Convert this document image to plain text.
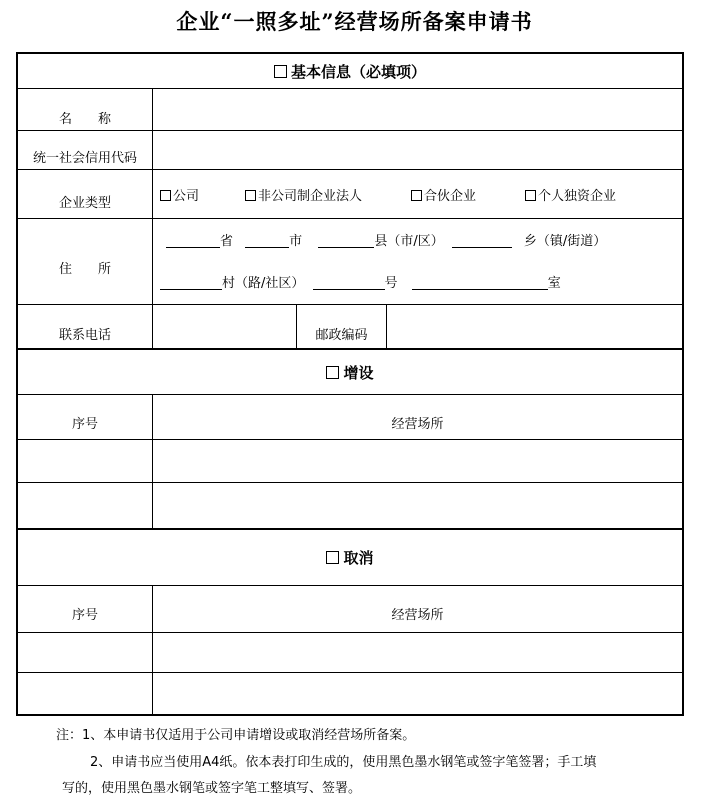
企业“一照多址”经营场所备案申请书
基本信息（必填项）
名　　称
统一社会信用代码
企业类型	公司	非公司制企业法人	合伙企业	个人独资企业
住　　所
省	市	县（市/区）	乡（镇/街道）
村（路/社区）	号	室
联系电话	邮政编码
增设
序号	经营场所
取消
序号	经营场所
注：1、本申请书仅适用于公司申请增设或取消经营场所备案。
2、申请书应当使用A4纸。依本表打印生成的，使用黑色墨水钢笔或签字笔签署；手工填
写的，使用黑色墨水钢笔或签字笔工整填写、签署。
